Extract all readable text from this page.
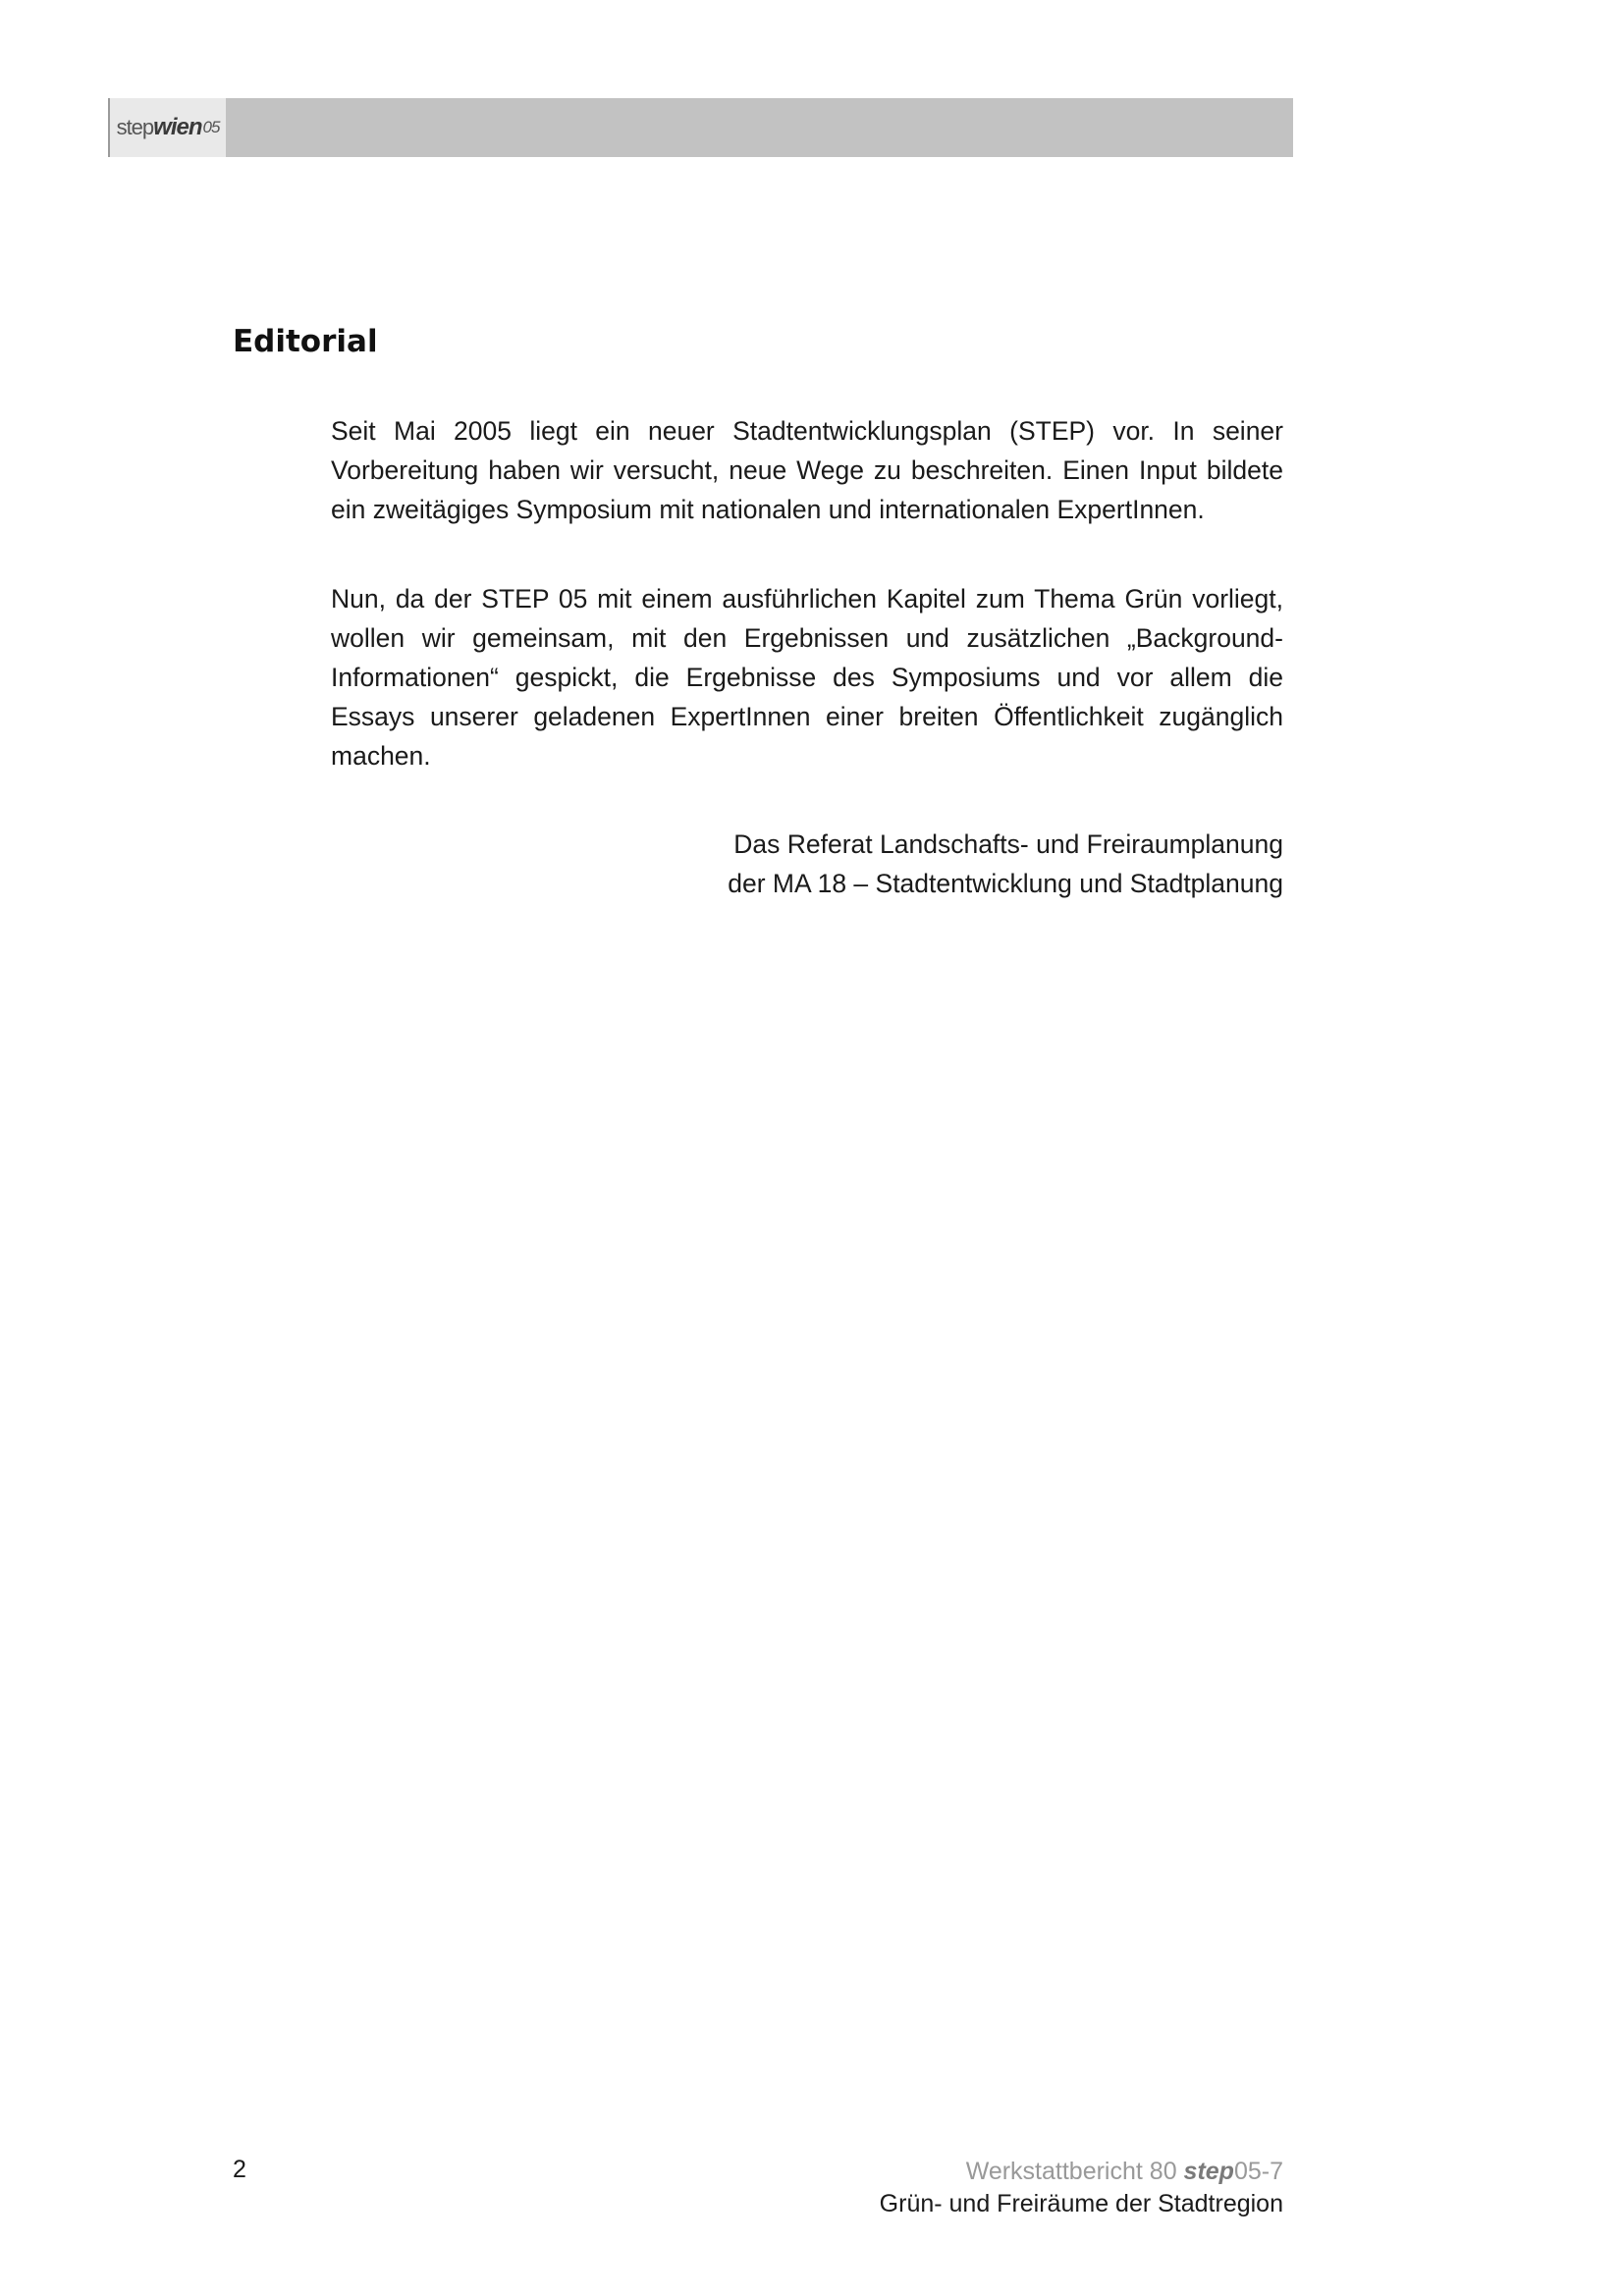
step wien 05
Editorial

Seit Mai 2005 liegt ein neuer Stadtentwicklungsplan (STEP) vor. In seiner Vorbereitung haben wir versucht, neue Wege zu beschreiten. Einen Input bildete ein zweitägiges Symposium mit nationalen und internationalen ExpertInnen.

Nun, da der STEP 05 mit einem ausführlichen Kapitel zum Thema Grün vorliegt, wollen wir gemeinsam, mit den Ergebnissen und zusätzlichen „Background-Informationen“ gespickt, die Ergebnisse des Symposiums und vor allem die Essays unserer geladenen ExpertInnen einer breiten Öffentlichkeit zugänglich machen.

Das Referat Landschafts- und Freiraumplanung
der MA 18 – Stadtentwicklung und Stadtplanung
2	Werkstattbericht 80 step05-7
Grün- und Freiräume der Stadtregion
